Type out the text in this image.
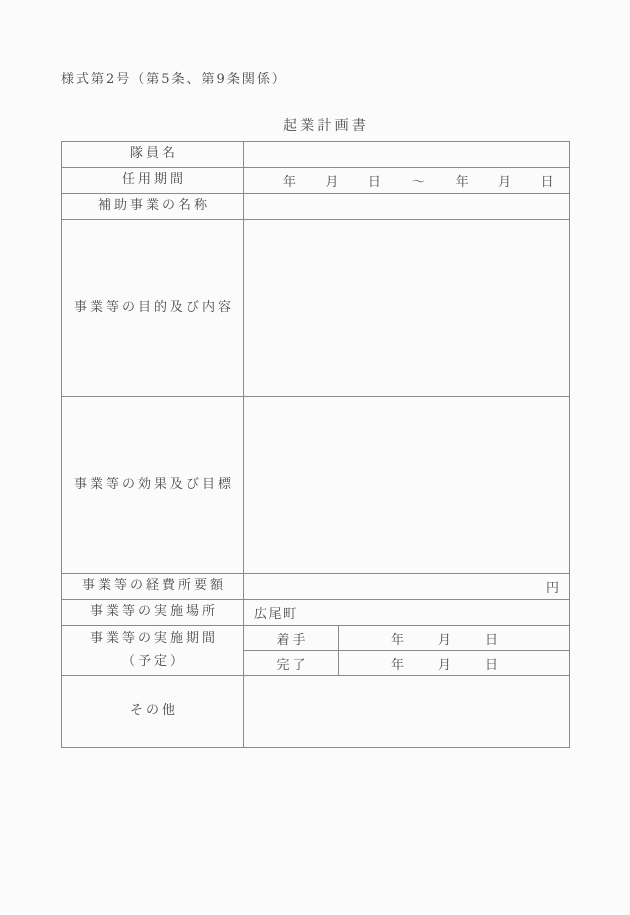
様式第2号（第5条、第9条関係）
起業計画書
隊員名		
任用期間	年 月 日 ～ 年 月 日

補助事業の名称		
事業等の目的及び内容		
事業等の効果及び目標		
事業等の経費所要額	円	

事業等の実施場所	広尾町	

事業等の実施期間
（予定）
	着手	年	月	日

	完了	年 月 日

その他		
